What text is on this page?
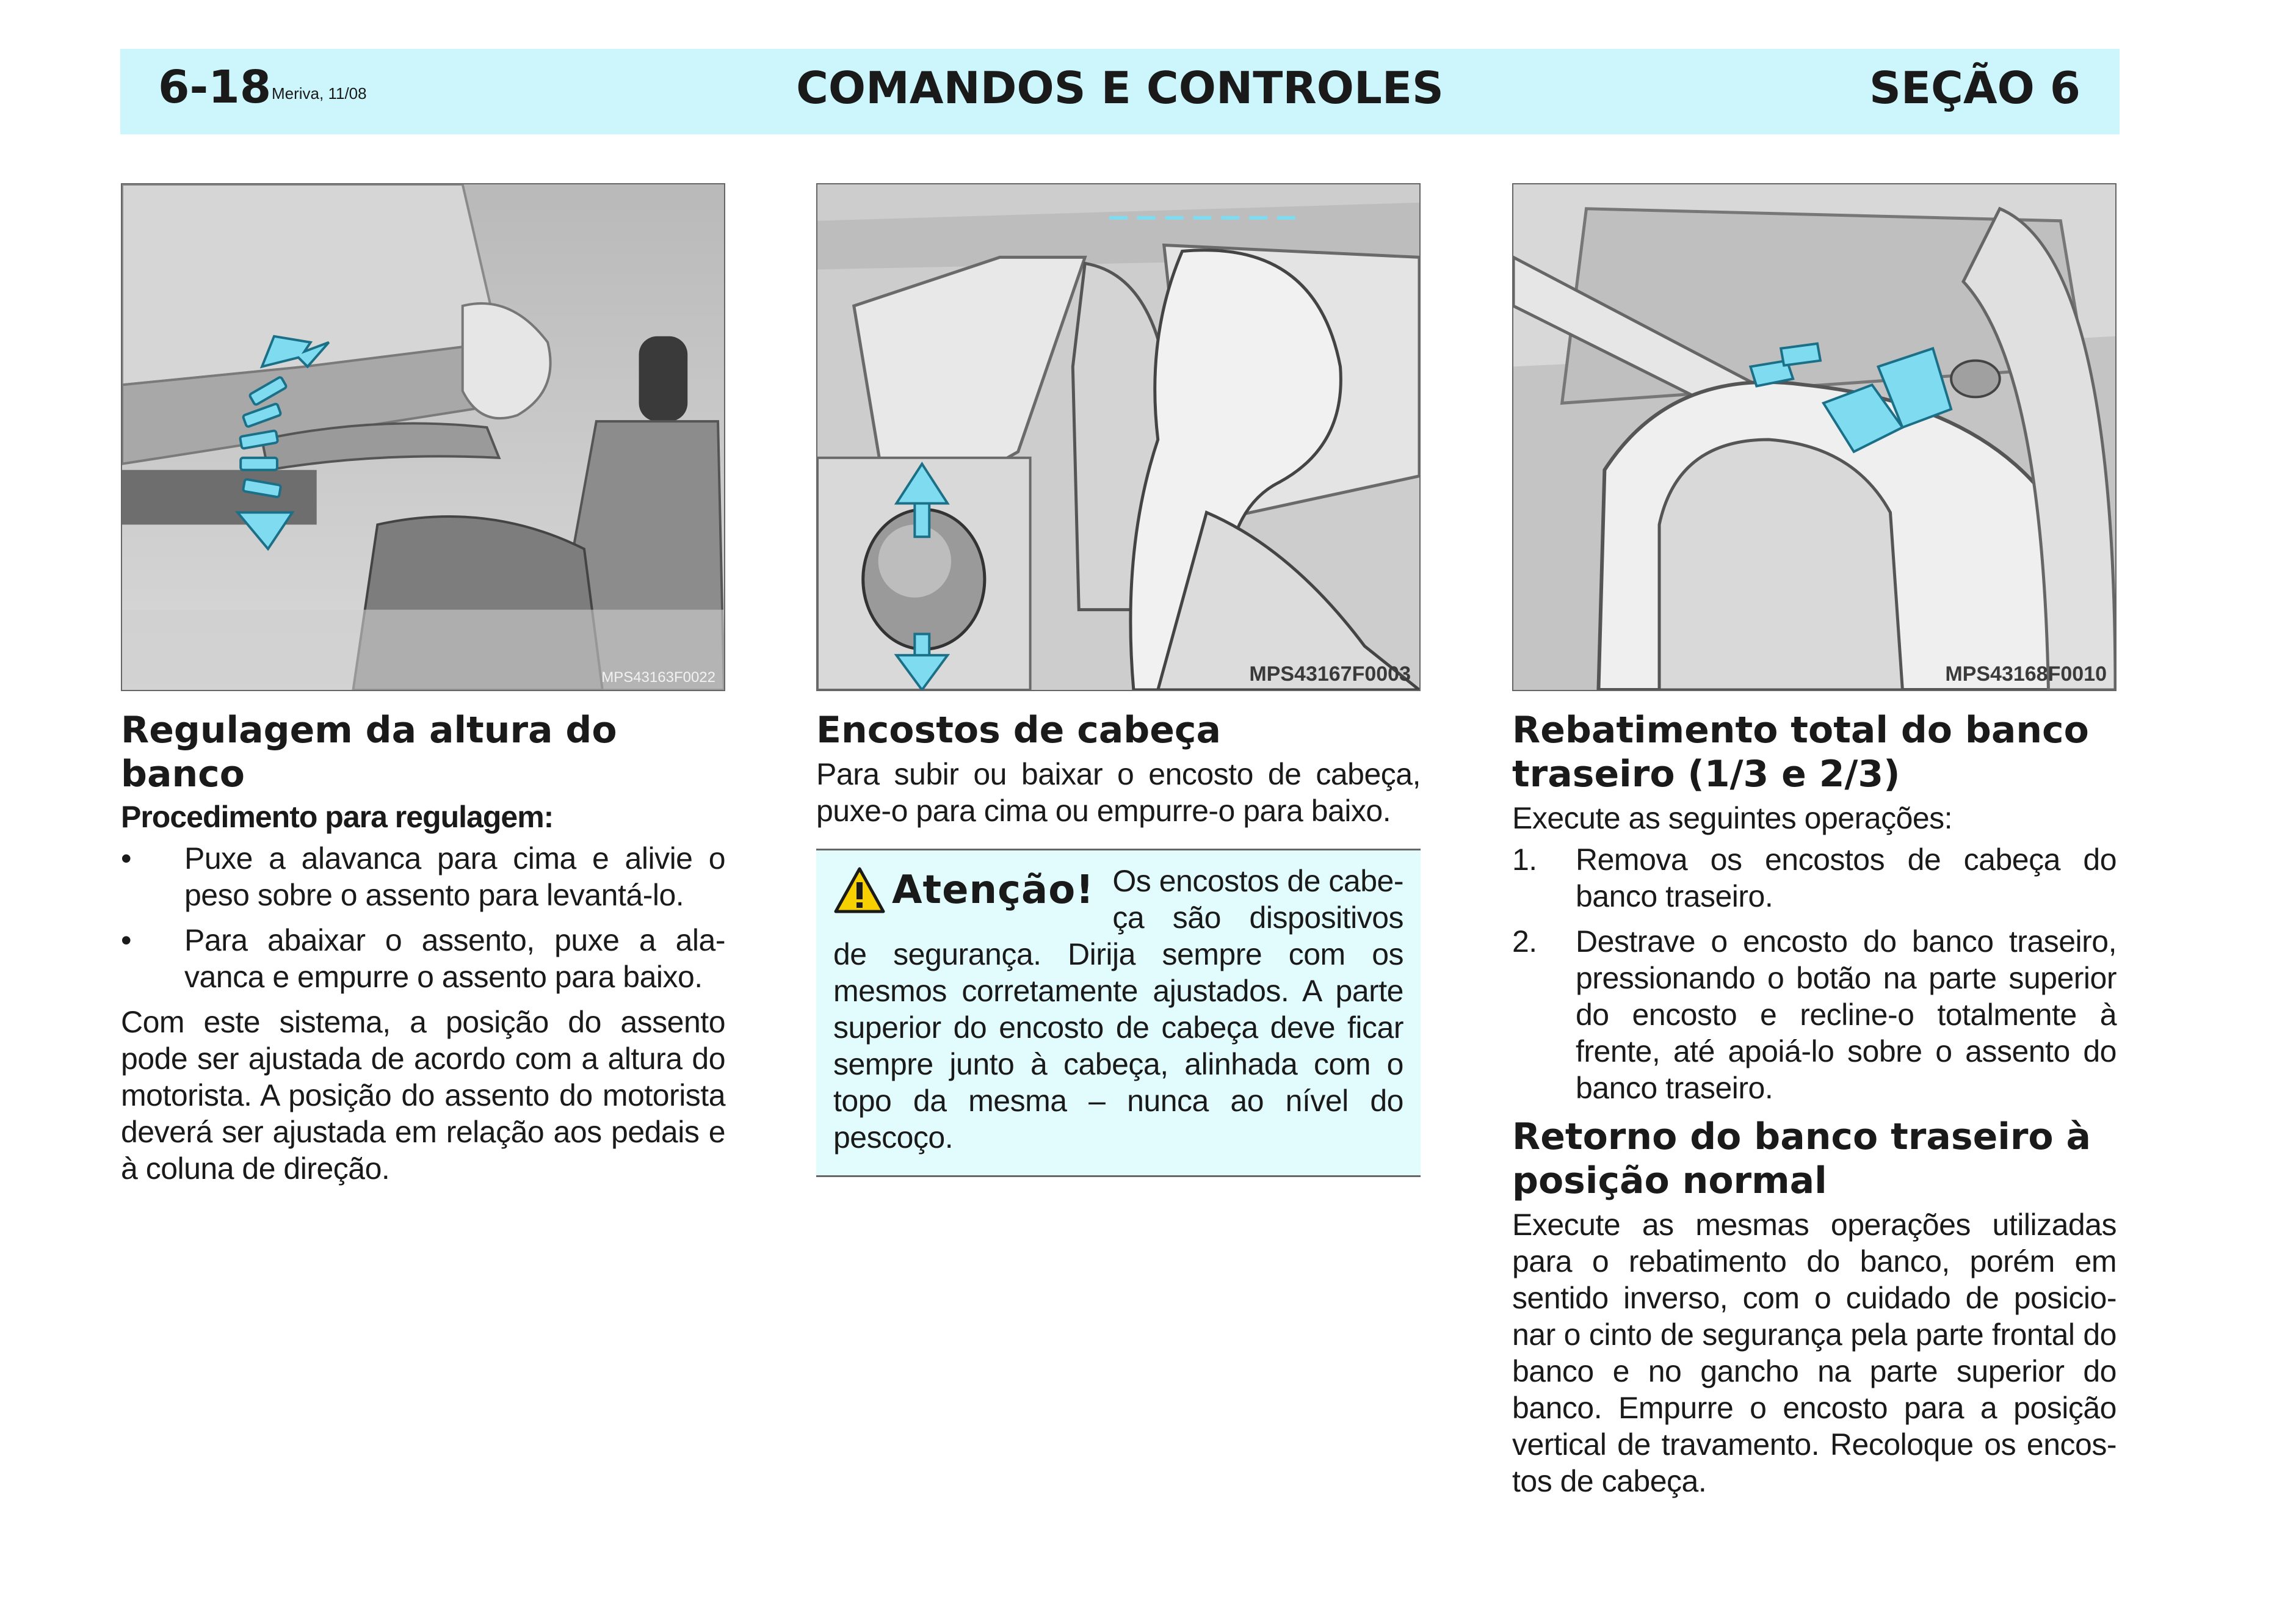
6-18 Meriva, 11/08	COMANDOS E CONTROLES	SEÇÃO 6
MPS43163F0022
Regulagem da altura do banco
Procedimento para regulagem:
• Puxe a alavanca para cima e alivie o peso sobre o assento para levantá-lo.
• Para abaixar o assento, puxe a ala-vanca e empurre o assento para baixo.

Com este sistema, a posição do assento pode ser ajustada de acordo com a altura do motorista. A posição do assento do motorista deverá ser ajustada em relação aos pedais e à coluna de direção.

MPS43167F0003
Encostos de cabeça

Para subir ou baixar o encosto de cabeça, puxe-o para cima ou empurre-o para baixo.

Atenção! Os encostos de cabe-ça são dispositivos de segurança. Dirija sempre com os mesmos corretamente ajustados. A parte superior do encosto de cabeça deve ficar sempre junto à cabeça, alinhada com o topo da mesma – nunca ao nível do pescoço.
MPS43168F0010
Rebatimento total do banco traseiro (1/3 e 2/3)

Execute as seguintes operações:

1. Remova os encostos de cabeça do banco traseiro.
2. Destrave o encosto do banco traseiro, pressionando o botão na parte superior do encosto e recline-o totalmente à frente, até apoiá-lo sobre o assento do banco traseiro.
Retorno do banco traseiro à posição normal

Execute as mesmas operações utilizadas para o rebatimento do banco, porém em sentido inverso, com o cuidado de posicio-nar o cinto de segurança pela parte frontal do banco e no gancho na parte superior do banco. Empurre o encosto para a posição vertical de travamento. Recoloque os encos-tos de cabeça.
